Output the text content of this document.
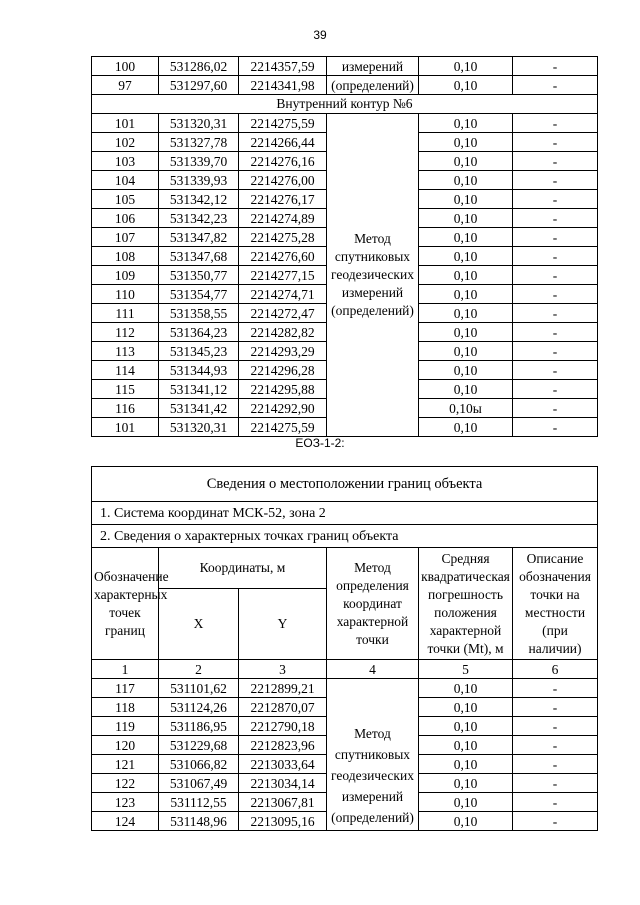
39
100	531286,02	2214357,59	измерений	0,10	-
97	531297,60	2214341,98	(определений)	0,10	-
Внутренний контур №6					
101	531320,31	2214275,59	Метод спутниковых геодезических измерений (определений)	0,10	-
102	531327,78	2214266,44		0,10	-
103	531339,70	2214276,16		0,10	-
104	531339,93	2214276,00		0,10	-
105	531342,12	2214276,17		0,10	-
106	531342,23	2214274,89		0,10	-
107	531347,82	2214275,28		0,10	-
108	531347,68	2214276,60		0,10	-
109	531350,77	2214277,15		0,10	-
110	531354,77	2214274,71		0,10	-
111	531358,55	2214272,47		0,10	-
112	531364,23	2214282,82		0,10	-
113	531345,23	2214293,29		0,10	-
114	531344,93	2214296,28		0,10	-
115	531341,12	2214295,88		0,10	-
116	531341,42	2214292,90		0,10ы	-
101	531320,31	2214275,59		0,10	-
ЕОЗ-1-2:
Сведения о местоположении границ объекта					
1. Система координат МСК-52, зона 2					
2. Сведения о характерных точках границ объекта					
Обозначение характерных точек границ	Координаты, м		Метод определения координат характерной точки	Средняя квадратическая погрешность положения характерной точки (Mt), м	Описание обозначения точки на местности (при наличии)
	X	Y			
1	2	3	4	5	6
117	531101,62	2212899,21	Метод спутниковых геодезических измерений (определений)	0,10	-
118	531124,26	2212870,07		0,10	-
119	531186,95	2212790,18		0,10	-
120	531229,68	2212823,96		0,10	-
121	531066,82	2213033,64		0,10	-
122	531067,49	2213034,14		0,10	-
123	531112,55	2213067,81		0,10	-
124	531148,96	2213095,16		0,10	-
